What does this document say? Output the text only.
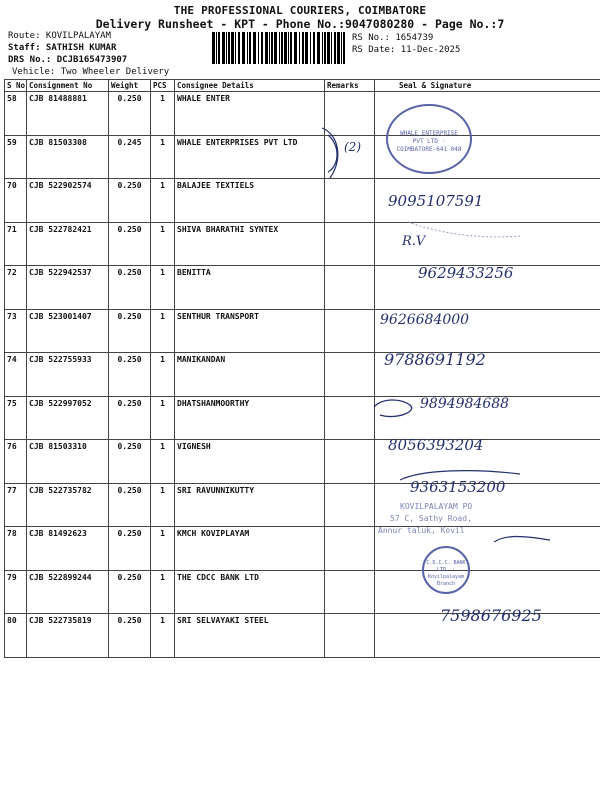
THE PROFESSIONAL COURIERS, COIMBATORE
Delivery Runsheet - KPT - Phone No.:9047080280 - Page No.:7
Route: KOVILPALAYAM
Staff: SATHISH KUMAR
DRS No.: DCJB165473907
Vehicle: Two Wheeler Delivery
RS No.: 1654739
RS Date: 11-Dec-2025
S No	Consignment No	Weight	PCS	Consignee Details	Remarks	Seal & Signature
58	CJB 81488881	0.250	1	WHALE ENTER		
59	CJB 81503308	0.245	1	WHALE ENTERPRISES PVT LTD		
70	CJB 522902574	0.250	1	BALAJEE TEXTIELS		
71	CJB 522782421	0.250	1	SHIVA BHARATHI SYNTEX		
72	CJB 522942537	0.250	1	BENITTA		
73	CJB 523001407	0.250	1	SENTHUR TRANSPORT		
74	CJB 522755933	0.250	1	MANIKANDAN		
75	CJB 522997052	0.250	1	DHATSHANMOORTHY		
76	CJB 81503310	0.250	1	VIGNESH		
77	CJB 522735782	0.250	1	SRI RAVUNNIKUTTY		
78	CJB 81492623	0.250	1	KMCH KOVIPLAYAM		
79	CJB 522899244	0.250	1	THE CDCC BANK LTD		
80	CJB 522735819	0.250	1	SRI SELVAYAKI STEEL		
WHALE ENTERPRISE PVT LTD · COIMBATORE-641 048
C.D.C.C. BANK LTD. · Kovilpalayam Branch
KOVILPALAYAM PO
57 C, Sathy Road,
Annur taluk, Kovil
(2)
9095107591
R.V
9629433256
9626684000
9788691192
9894984688
8056393204
9363153200
7598676925
